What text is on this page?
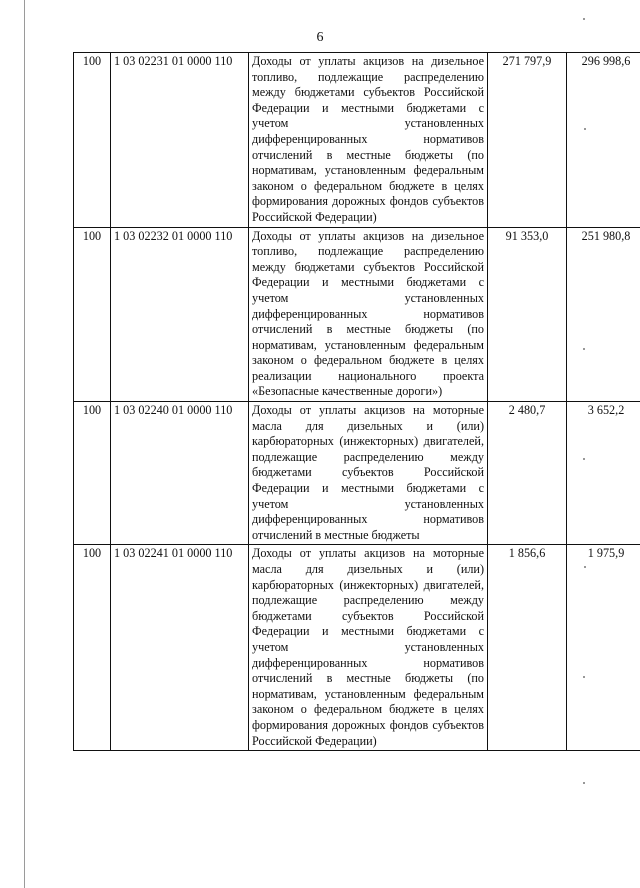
6
100	1 03 02231 01 0000 110	Доходы от уплаты акцизов на дизельное топливо, подлежащие распределению между бюджетами субъектов Российской Федерации и местными бюджетами с учетом установленных дифференцированных нормативов отчислений в местные бюджеты (по нормативам, установленным федеральным законом о федеральном бюджете в целях формирования дорожных фондов субъектов Российской Федерации)	271 797,9	296 998,6
100	1 03 02232 01 0000 110	Доходы от уплаты акцизов на дизельное топливо, подлежащие распределению между бюджетами субъектов Российской Федерации и местными бюджетами с учетом установленных дифференцированных нормативов отчислений в местные бюджеты (по нормативам, установленным федеральным законом о федеральном бюджете в целях реализации национального проекта «Безопасные качественные дороги»)	91 353,0	251 980,8
100	1 03 02240 01 0000 110	Доходы от уплаты акцизов на моторные масла для дизельных и (или) карбюраторных (инжекторных) двигателей, подлежащие распределению между бюджетами субъектов Российской Федерации и местными бюджетами с учетом установленных дифференцированных нормативов отчислений в местные бюджеты	2 480,7	3 652,2
100	1 03 02241 01 0000 110	Доходы от уплаты акцизов на моторные масла для дизельных и (или) карбюраторных (инжекторных) двигателей, подлежащие распределению между бюджетами субъектов Российской Федерации и местными бюджетами с учетом установленных дифференцированных нормативов отчислений в местные бюджеты (по нормативам, установленным федеральным законом о федеральном бюджете в целях формирования дорожных фондов субъектов Российской Федерации)	1 856,6	1 975,9
